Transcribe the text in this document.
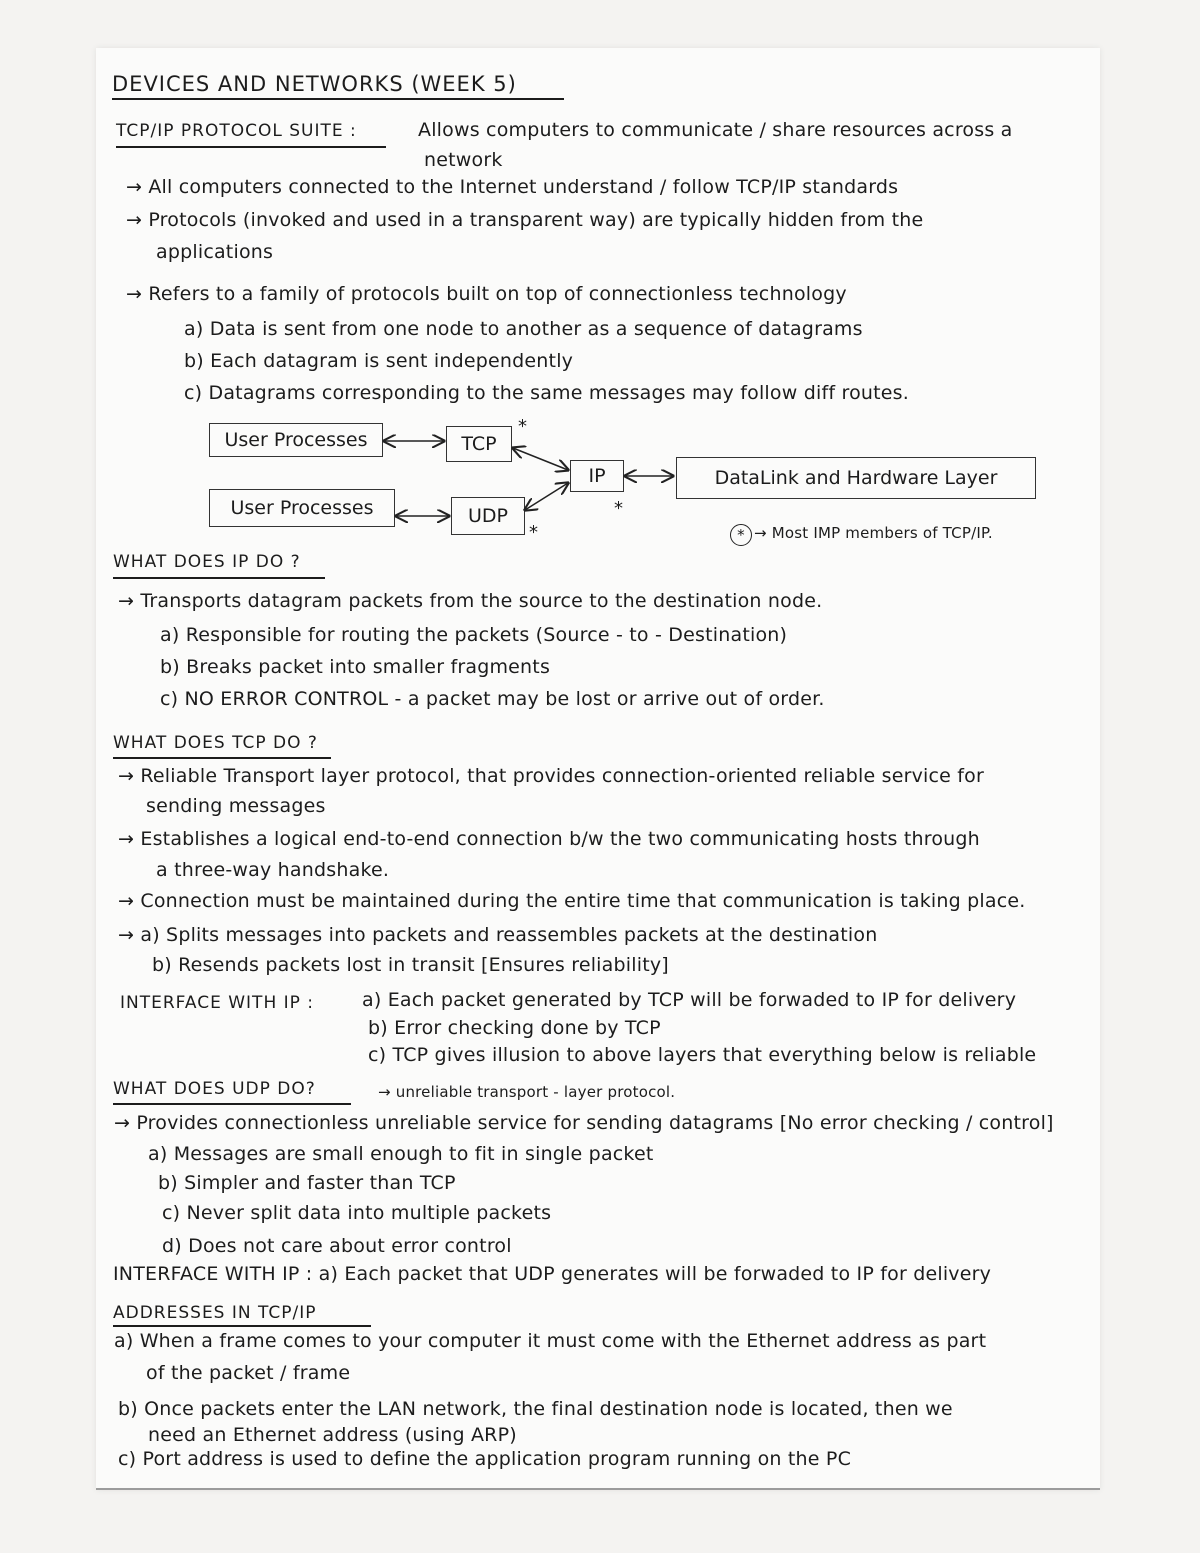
DEVICES AND NETWORKS (WEEK 5)
TCP/IP PROTOCOL SUITE :	Allows computers to communicate / share resources across a
network
→ All computers connected to the Internet understand / follow TCP/IP standards
→ Protocols (invoked and used in a transparent way) are typically hidden from the
applications
→ Refers to a family of protocols built on top of connectionless technology
a) Data is sent from one node to another as a sequence of datagrams
b) Each datagram is sent independently
c) Datagrams corresponding to the same messages may follow diff routes.
User Processes	TCP
User Processes	UDP
IP	DataLink and Hardware Layer
*
*
*
* → Most IMP members of TCP/IP.
WHAT DOES IP DO ?
→ Transports datagram packets from the source to the destination node.
a) Responsible for routing the packets (Source - to - Destination)
b) Breaks packet into smaller fragments
c) NO ERROR CONTROL - a packet may be lost or arrive out of order.
WHAT DOES TCP DO ?
→ Reliable Transport layer protocol, that provides connection-oriented reliable service for
sending messages
→ Establishes a logical end-to-end connection b/w the two communicating hosts through
a three-way handshake.
→ Connection must be maintained during the entire time that communication is taking place.
→ a) Splits messages into packets and reassembles packets at the destination
b) Resends packets lost in transit [Ensures reliability]
INTERFACE WITH IP :	a) Each packet generated by TCP will be forwaded to IP for delivery
b) Error checking done by TCP
c) TCP gives illusion to above layers that everything below is reliable
WHAT DOES UDP DO?	→ unreliable transport - layer protocol.
→ Provides connectionless unreliable service for sending datagrams [No error checking / control]
a) Messages are small enough to fit in single packet
b) Simpler and faster than TCP
c) Never split data into multiple packets
d) Does not care about error control
INTERFACE WITH IP : a) Each packet that UDP generates will be forwaded to IP for delivery
ADDRESSES IN TCP/IP
a) When a frame comes to your computer it must come with the Ethernet address as part
of the packet / frame
b) Once packets enter the LAN network, the final destination node is located, then we
need an Ethernet address (using ARP)
c) Port address is used to define the application program running on the PC
